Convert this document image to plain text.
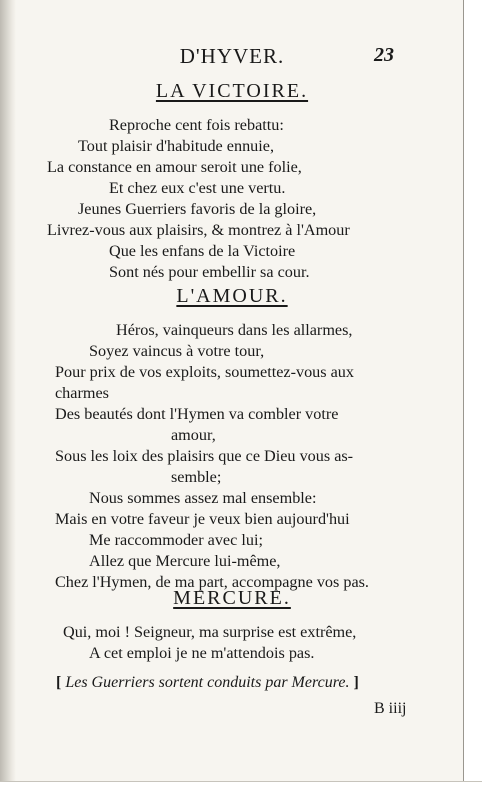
D'HYVER.	23
LA VICTOIRE.
Reproche cent fois rebattu:
Tout plaisir d'habitude ennuie,
La constance en amour seroit une folie,
Et chez eux c'est une vertu.
Jeunes Guerriers favoris de la gloire,
Livrez-vous aux plaisirs, & montrez à l'Amour
Que les enfans de la Victoire
Sont nés pour embellir sa cour.
L'AMOUR.
Héros, vainqueurs dans les allarmes,
Soyez vaincus à votre tour,
Pour prix de vos exploits, soumettez-vous aux
charmes
Des beautés dont l'Hymen va combler votre
amour,
Sous les loix des plaisirs que ce Dieu vous as-
semble;
Nous sommes assez mal ensemble:
Mais en votre faveur je veux bien aujourd'hui
Me raccommoder avec lui;
Allez que Mercure lui-même,
Chez l'Hymen, de ma part, accompagne vos pas.
MERCURE.
Qui, moi ! Seigneur, ma surprise est extrême,
A cet emploi je ne m'attendois pas.
[ Les Guerriers sortent conduits par Mercure. ]
B iiij
